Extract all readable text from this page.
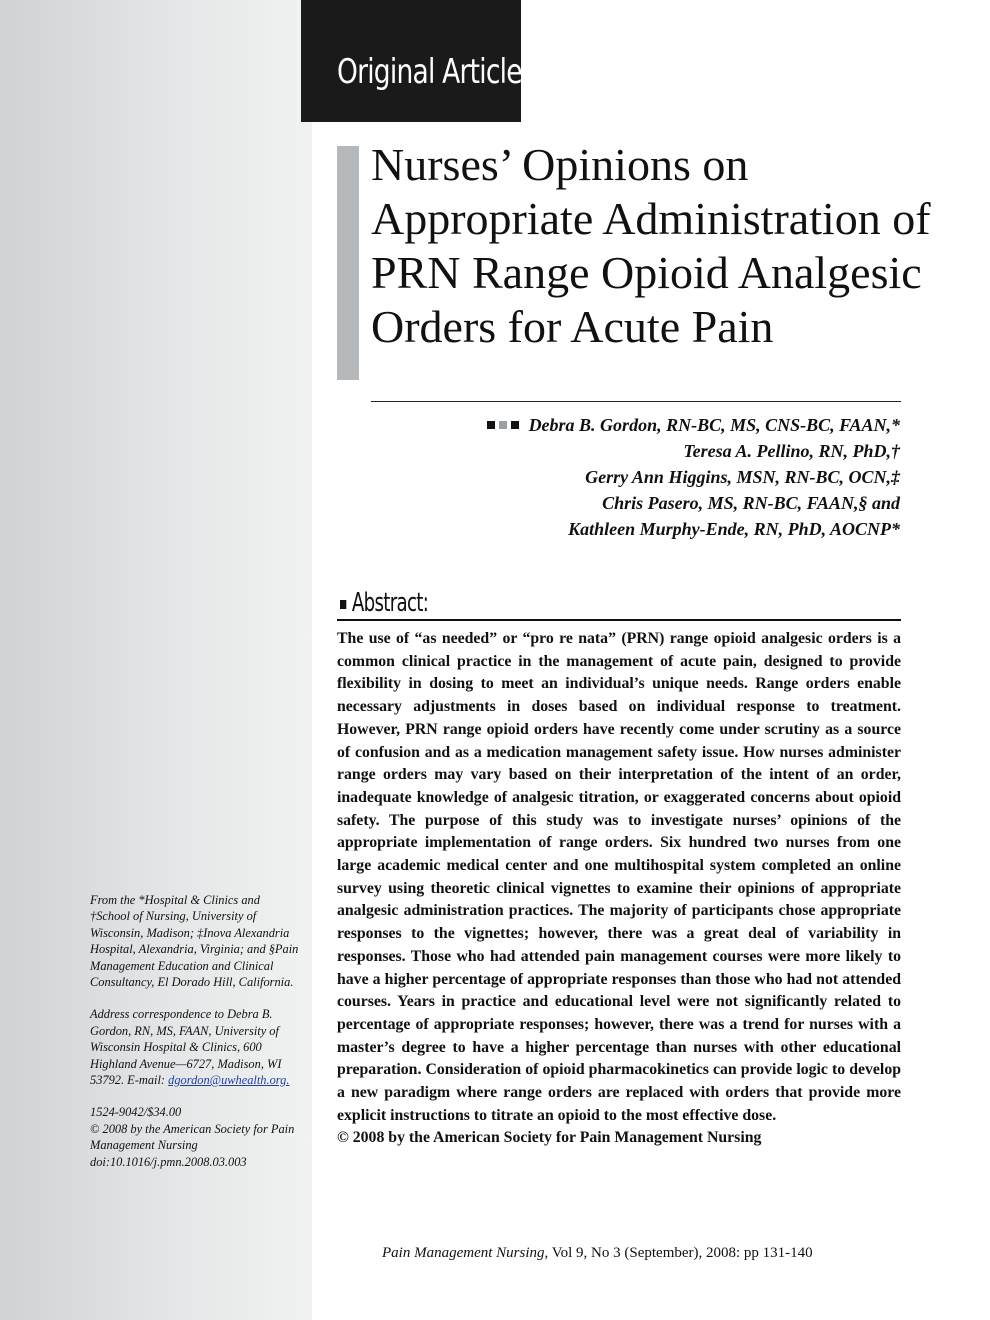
Original Article
Nurses’ Opinions on Appropriate Administration of PRN Range Opioid Analgesic Orders for Acute Pain
Debra B. Gordon, RN-BC, MS, CNS-BC, FAAN,*
Teresa A. Pellino, RN, PhD,†
Gerry Ann Higgins, MSN, RN-BC, OCN,‡
Chris Pasero, MS, RN-BC, FAAN,§ and
Kathleen Murphy-Ende, RN, PhD, AOCNP*
Abstract:

The use of “as needed” or “pro re nata” (PRN) range opioid analgesic orders is a common clinical practice in the management of acute pain, designed to provide flexibility in dosing to meet an individual’s unique needs. Range orders enable necessary adjustments in doses based on individual response to treatment. However, PRN range opioid orders have recently come under scrutiny as a source of confusion and as a medication management safety issue. How nurses administer range orders may vary based on their interpretation of the intent of an order, inadequate knowledge of analgesic titration, or exaggerated concerns about opioid safety. The purpose of this study was to investigate nurses’ opinions of the appropriate implementation of range orders. Six hundred two nurses from one large academic medical center and one multihospital system completed an online survey using theoretic clinical vignettes to examine their opinions of appropriate analgesic administration practices. The majority of participants chose appropriate responses to the vignettes; however, there was a great deal of variability in responses. Those who had attended pain management courses were more likely to have a higher percentage of appropriate responses than those who had not attended courses. Years in practice and educational level were not significantly related to percentage of appropriate responses; however, there was a trend for nurses with a master’s degree to have a higher percentage than nurses with other educational preparation. Consideration of opioid pharmacokinetics can provide logic to develop a new paradigm where range orders are replaced with orders that provide more explicit instructions to titrate an opioid to the most effective dose.

© 2008 by the American Society for Pain Management Nursing

From the *Hospital & Clinics and †School of Nursing, University of Wisconsin, Madison; ‡Inova Alexandria Hospital, Alexandria, Virginia; and §Pain Management Education and Clinical Consultancy, El Dorado Hill, California.

Address correspondence to Debra B. Gordon, RN, MS, FAAN, University of Wisconsin Hospital & Clinics, 600 Highland Avenue—6727, Madison, WI 53792. E-mail: dgordon@uwhealth.org.

1524-9042/$34.00
© 2008 by the American Society for Pain Management Nursing
doi:10.1016/j.pmn.2008.03.003

Pain Management Nursing, Vol 9, No 3 (September), 2008: pp 131-140
